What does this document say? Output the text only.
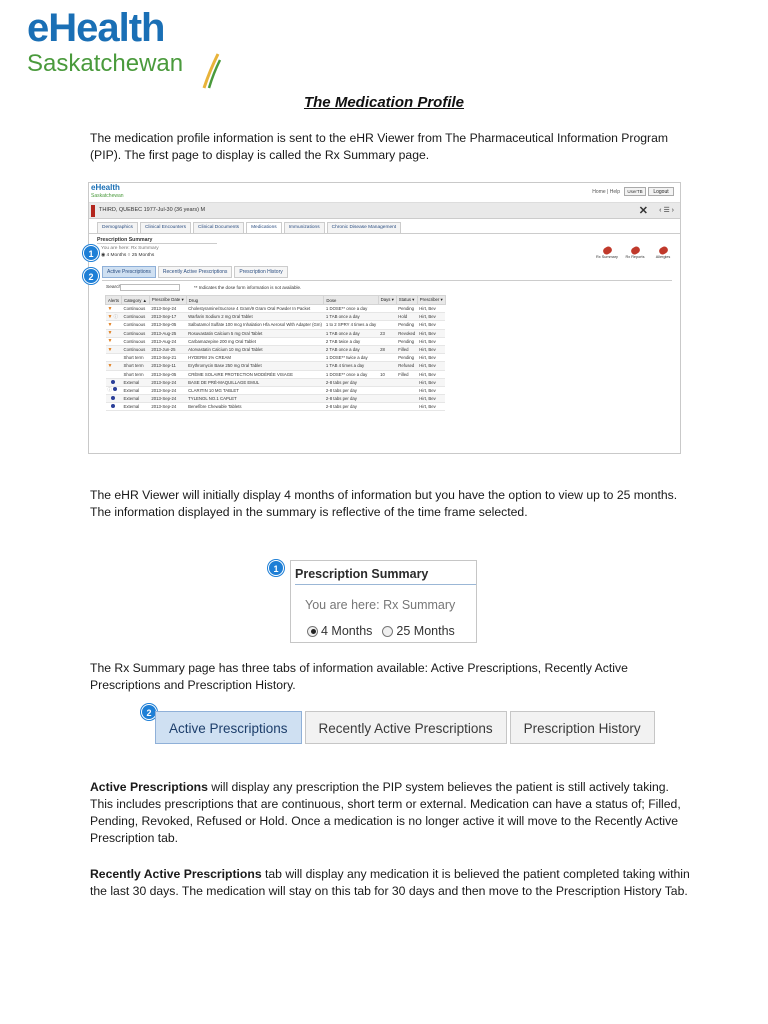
eHealth
Saskatchewan
The Medication Profile
The medication profile information is sent to the eHR Viewer from The Pharmaceutical Information Program (PIP). The first page to display is called the Rx Summary page.
eHealth
Saskatchewan
Home | Help	UserTB	Logout
THIRD, QUEBEC 1977-Jul-30 (36 years) M	✕ ‹ ☰ ›
Demographics	Clinical Encounters	Clinical Documents	Medications	Immunizations	Chronic Disease Management
Prescription Summary
You are here: Rx Summary
◉ 4 Months ○ 25 Months	Rx Summary	Rx Reports	Allergies
Active Prescriptions	Recently Active Prescriptions	Prescription History
Search	** Indicates the dose form information is not available.
Alerts	Category ▲	Prescribe Date ▾	Drug	Dose	Days ▾	Status ▾	Prescriber ▾
▼	Continuous	2013-Sep-24	Cholestyramine/Sucrose 4 Gram/9 Gram Oral Powder In Packet	1 DOSE** once a day		Pending	Hirt, Bev
▼ ⓘ	Continuous	2013-Sep-17	Warfarin Sodium 2 mg Oral Tablet	1 TAB once a day		Hold	Hirt, Bev
▼	Continuous	2013-Sep-05	Salbutamol Sulfate 100 mcg Inhalation Hfa Aerosol With Adapter (Gm)	1 to 2 SPRY 4 times a day		Pending	Hirt, Bev
▼	Continuous	2013-Aug-25	Rosuvastatin Calcium 5 mg Oral Tablet	1 TAB once a day	23	Revoked	Hirt, Bev
▼	Continuous	2013-Aug-24	Carbamazepine 200 mg Oral Tablet	2 TAB twice a day		Pending	Hirt, Bev
▼	Continuous	2013-Jun-25	Atorvastatin Calcium 10 mg Oral Tablet	2 TAB once a day	28	Filled	Hirt, Bev
	Short term	2013-Sep-21	HYDERM 1% CREAM	1 DOSE** twice a day		Pending	Hirt, Bev
▼	Short term	2013-Sep-11	Erythromycin Base 250 mg Oral Tablet	1 TAB 4 times a day		Refused	Hirt, Bev
	Short term	2013-Sep-05	CRÈME SOLAIRE PROTECTION MODÉRÉE VISAGE	1 DOSE** once a day	10	Filled	Hirt, Bev
	External	2013-Sep-24	BASE DE PRÉ-MAQUILLAGE EMUL	2-8 tabs per day			Hirt, Bev
ⓘ	External	2013-Sep-24	CLARITIN 10 MG TABLET	2-8 tabs per day			Hirt, Bev
	External	2013-Sep-24	TYLENOL NO.1 CAPLET	2-8 tabs per day			Hirt, Bev
	External	2013-Sep-24	Benefibre Chewable Tablets	2-8 tabs per day			Hirt, Bev
1
2
The eHR Viewer will initially display 4 months of information but you have the option to view up to 25 months. The information displayed in the summary is reflective of the time frame selected.
1	Prescription Summary
You are here: Rx Summary
4 Months 25 Months
The Rx Summary page has three tabs of information available: Active Prescriptions, Recently Active Prescriptions and Prescription History.
2
Active Prescriptions	Recently Active Prescriptions	Prescription History
Active Prescriptions will display any prescription the PIP system believes the patient is still actively taking. This includes prescriptions that are continuous, short term or external. Medication can have a status of; Filled, Pending, Revoked, Refused or Hold. Once a medication is no longer active it will move to the Recently Active Prescription tab.
Recently Active Prescriptions tab will display any medication it is believed the patient completed taking within the last 30 days. The medication will stay on this tab for 30 days and then move to the Prescription History Tab.
